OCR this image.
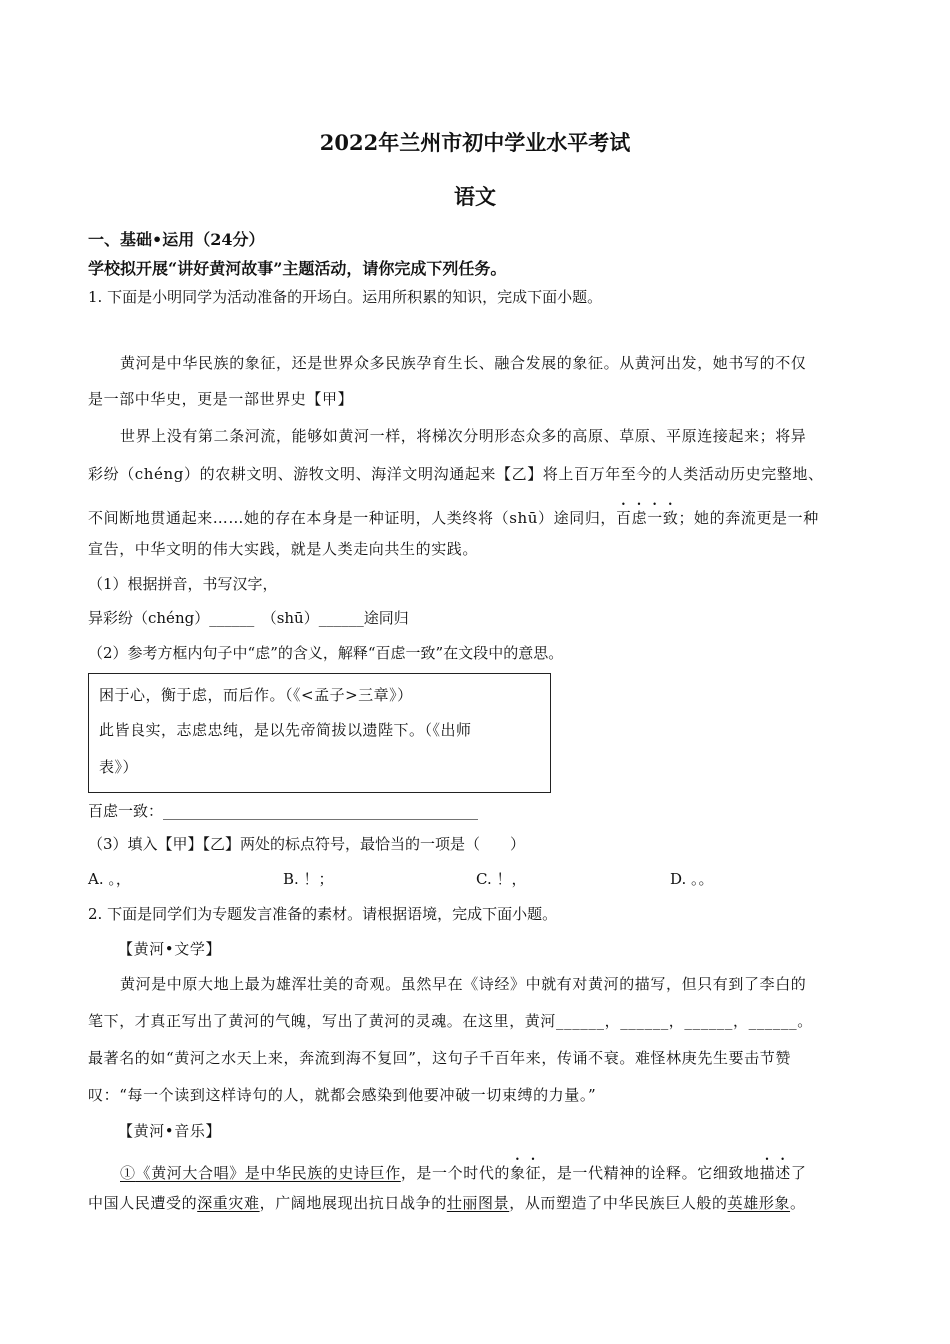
2022年兰州市初中学业水平考试
语文
一、基础•运用（24分）
学校拟开展“讲好黄河故事”主题活动，请你完成下列任务。
1. 下面是小明同学为活动准备的开场白。运用所积累的知识，完成下面小题。
黄河是中华民族的象征，还是世界众多民族孕育生长、融合发展的象征。从黄河出发，她书写的不仅
是一部中华史，更是一部世界史【甲】
世界上没有第二条河流，能够如黄河一样，将梯次分明形态众多的高原、草原、平原连接起来；将异
彩纷（chéng）的农耕文明、游牧文明、海洋文明沟通起来【乙】将上百万年至今的人类活动历史完整地、
不间断地贯通起来……她的存在本身是一种证明，人类终将（shū）途同归，百虑一致；她的奔流更是一种
宣告，中华文明的伟大实践，就是人类走向共生的实践。
（1）根据拼音，书写汉字，
异彩纷（chéng）______　（shū）______途同归
（2）参考方框内句子中“虑”的含义，解释“百虑一致”在文段中的意思。
困于心，衡于虑，而后作。（《<孟子>三章》）
此皆良实，志虑忠纯，是以先帝简拔以遗陛下。（《出师
表》）
百虑一致：__________________________________________
（3）填入【甲】【乙】两处的标点符号，最恰当的一项是（　　）
A. 。，	B. ！；	C. ！，	D. 。。
2. 下面是同学们为专题发言准备的素材。请根据语境，完成下面小题。
【黄河•文学】
黄河是中原大地上最为雄浑壮美的奇观。虽然早在《诗经》中就有对黄河的描写，但只有到了李白的
笔下，才真正写出了黄河的气魄，写出了黄河的灵魂。在这里，黄河______，______，______，______。
最著名的如“黄河之水天上来，奔流到海不复回”，这句子千百年来，传诵不衰。难怪林庚先生要击节赞
叹：“每一个读到这样诗句的人，就都会感染到他要冲破一切束缚的力量。”
【黄河•音乐】
①《黄河大合唱》是中华民族的史诗巨作，是一个时代的象征，是一代精神的诠释。它细致地描述了
中国人民遭受的深重灾难，广阔地展现出抗日战争的壮丽图景，从而塑造了中华民族巨人般的英雄形象。
